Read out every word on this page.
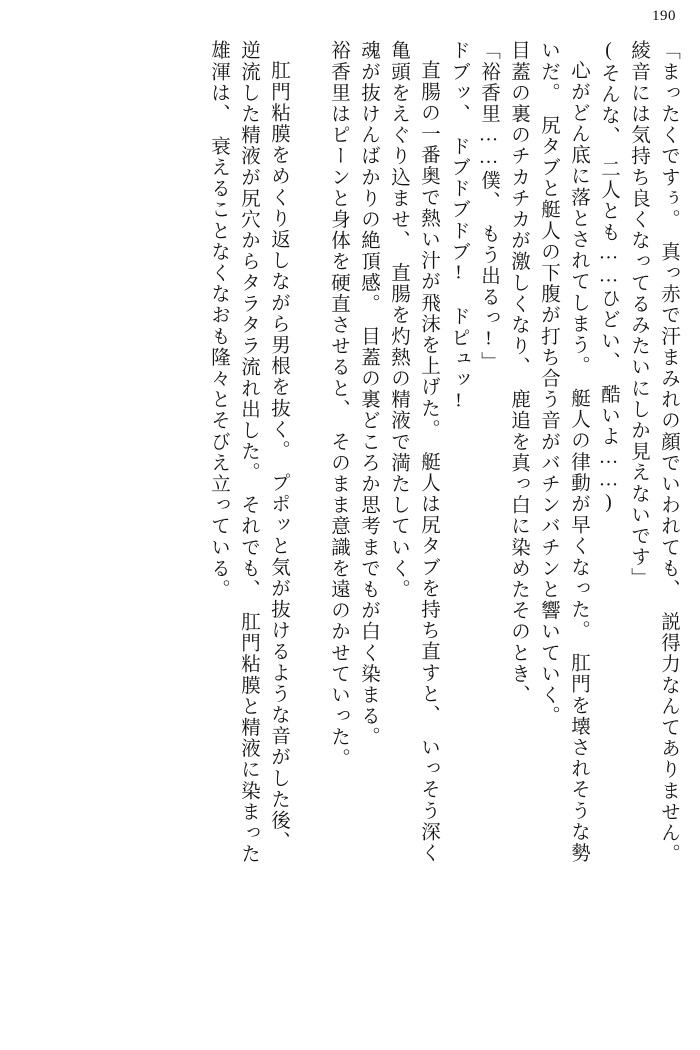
190
「まったくですぅ。　真っ赤で汗まみれの顔でいわれても、　説得力なんてありません。
綾音には気持ち良くなってるみたいにしか見えないです」
(そんな、　二人とも……ひどい、　酷いよ……)
心がどん底に落とされてしまう。　艇人の律動が早くなった。　肛門を壊されそうな勢
いだ。　尻タブと艇人の下腹が打ち合う音がバチンバチンと響いていく。
目蓋の裏のチカチカが激しくなり、　鹿追を真っ白に染めたそのとき、
「裕香里……僕、　もう出るっ!」
ドブッ、　ドブドブドブ!　ドピュッ!
直腸の一番奥で熱い汁が飛沫を上げた。　艇人は尻タブを持ち直すと、　いっそう深く
亀頭をえぐり込ませ、　直腸を灼熱の精液で満たしていく。
魂が抜けんばかりの絶頂感。　目蓋の裏どころか思考までもが白く染まる。
裕香里はピーンと身体を硬直させると、　そのまま意識を遠のかせていった。
肛門粘膜をめくり返しながら男根を抜く。　プポッと気が抜けるような音がした後、
逆流した精液が尻穴からタラタラ流れ出した。　それでも、　肛門粘膜と精液に染まった
雄渾は、　衰えることなくなおも隆々とそびえ立っている。
